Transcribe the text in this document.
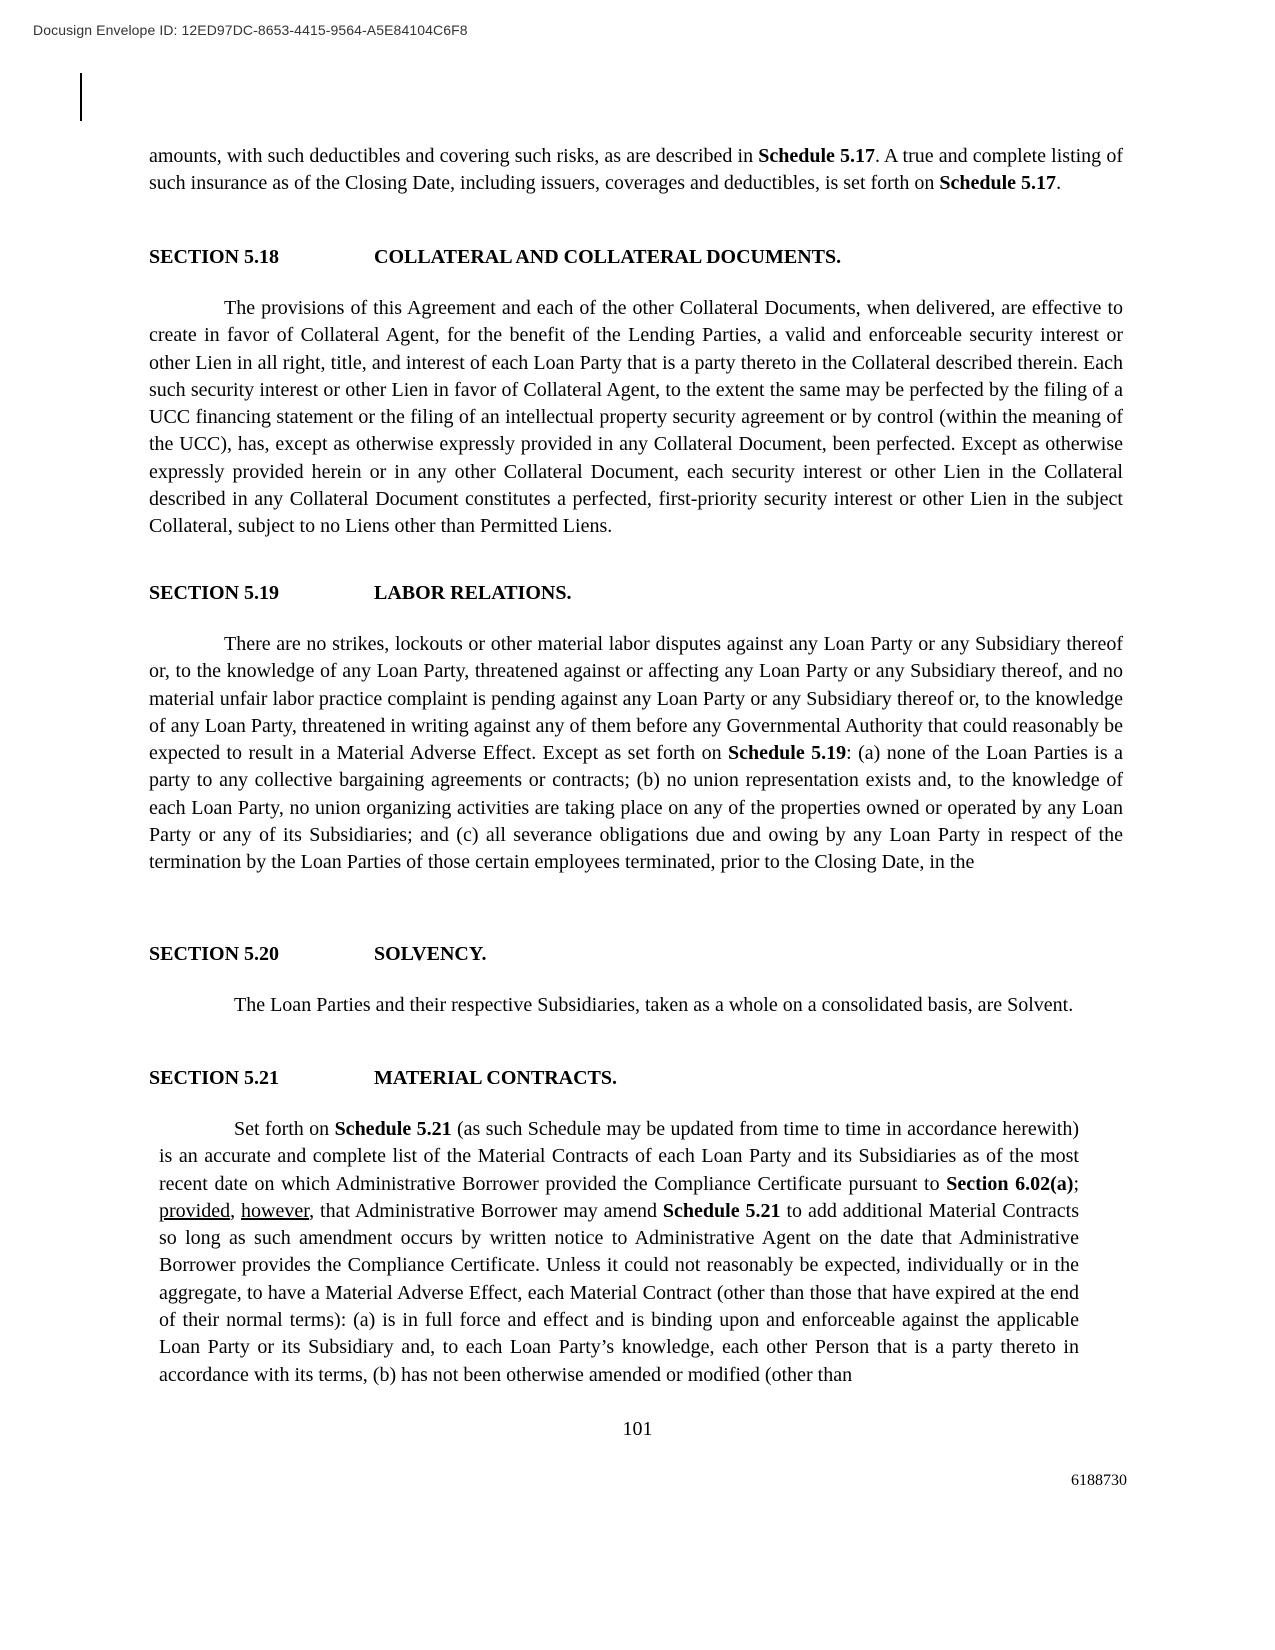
Docusign Envelope ID: 12ED97DC-8653-4415-9564-A5E84104C6F8

amounts, with such deductibles and covering such risks, as are described in Schedule 5.17. A true and complete listing of such insurance as of the Closing Date, including issuers, coverages and deductibles, is set forth on Schedule 5.17.

SECTION 5.18	COLLATERAL AND COLLATERAL DOCUMENTS.

The provisions of this Agreement and each of the other Collateral Documents, when delivered, are effective to create in favor of Collateral Agent, for the benefit of the Lending Parties, a valid and enforceable security interest or other Lien in all right, title, and interest of each Loan Party that is a party thereto in the Collateral described therein. Each such security interest or other Lien in favor of Collateral Agent, to the extent the same may be perfected by the filing of a UCC financing statement or the filing of an intellectual property security agreement or by control (within the meaning of the UCC), has, except as otherwise expressly provided in any Collateral Document, been perfected. Except as otherwise expressly provided herein or in any other Collateral Document, each security interest or other Lien in the Collateral described in any Collateral Document constitutes a perfected, first-priority security interest or other Lien in the subject Collateral, subject to no Liens other than Permitted Liens.

SECTION 5.19	LABOR RELATIONS.

There are no strikes, lockouts or other material labor disputes against any Loan Party or any Subsidiary thereof or, to the knowledge of any Loan Party, threatened against or affecting any Loan Party or any Subsidiary thereof, and no material unfair labor practice complaint is pending against any Loan Party or any Subsidiary thereof or, to the knowledge of any Loan Party, threatened in writing against any of them before any Governmental Authority that could reasonably be expected to result in a Material Adverse Effect. Except as set forth on Schedule 5.19: (a) none of the Loan Parties is a party to any collective bargaining agreements or contracts; (b) no union representation exists and, to the knowledge of each Loan Party, no union organizing activities are taking place on any of the properties owned or operated by any Loan Party or any of its Subsidiaries; and (c) all severance obligations due and owing by any Loan Party in respect of the termination by the Loan Parties of those certain employees terminated, prior to the Closing Date, in the

SECTION 5.20	SOLVENCY.

The Loan Parties and their respective Subsidiaries, taken as a whole on a consolidated basis, are Solvent.

SECTION 5.21	MATERIAL CONTRACTS.

Set forth on Schedule 5.21 (as such Schedule may be updated from time to time in accordance herewith) is an accurate and complete list of the Material Contracts of each Loan Party and its Subsidiaries as of the most recent date on which Administrative Borrower provided the Compliance Certificate pursuant to Section 6.02(a); provided, however, that Administrative Borrower may amend Schedule 5.21 to add additional Material Contracts so long as such amendment occurs by written notice to Administrative Agent on the date that Administrative Borrower provides the Compliance Certificate. Unless it could not reasonably be expected, individually or in the aggregate, to have a Material Adverse Effect, each Material Contract (other than those that have expired at the end of their normal terms): (a) is in full force and effect and is binding upon and enforceable against the applicable Loan Party or its Subsidiary and, to each Loan Party’s knowledge, each other Person that is a party thereto in accordance with its terms, (b) has not been otherwise amended or modified (other than

101
6188730
